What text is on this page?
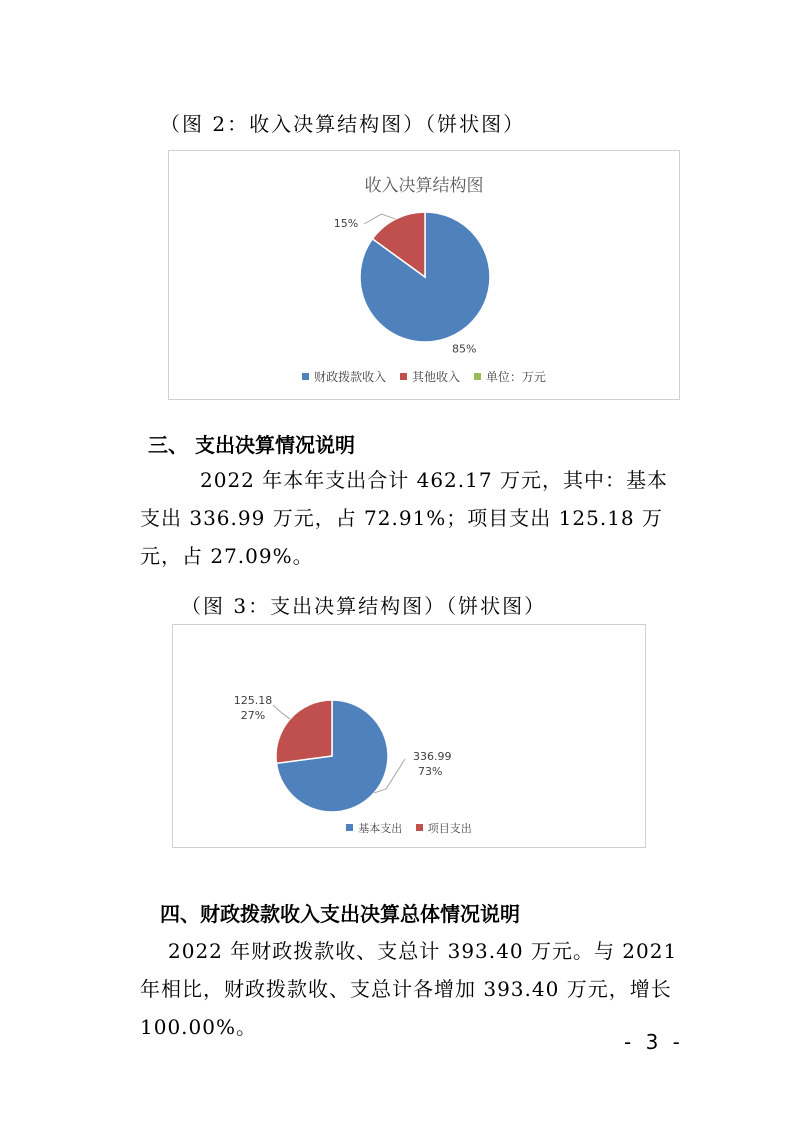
（图 2：收入决算结构图）（饼状图）
收入决算结构图
85%
15%
财政拨款收入 其他收入 单位：万元
三、 支出决算情况说明
2022 年本年支出合计 462.17 万元，其中：基本支出 336.99 万元，占 72.91%；项目支出 125.18 万元，占 27.09%。
（图 3：支出决算结构图）（饼状图）
336.99
73%
125.18
27%
基本支出 项目支出
四、财政拨款收入支出决算总体情况说明
2022 年财政拨款收、支总计 393.40 万元。与 2021 年相比，财政拨款收、支总计各增加 393.40 万元，增长 100.00%。
- 3 -
